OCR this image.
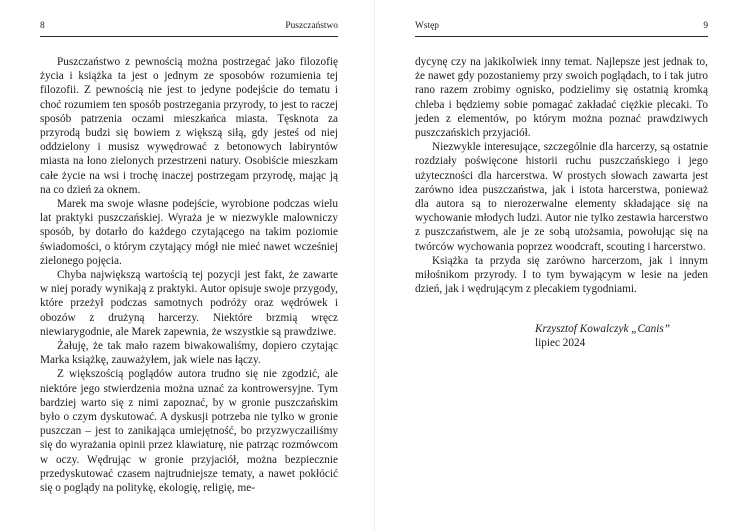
8	Puszczaństwo

Puszczaństwo z pewnością można postrzegać jako filozofię życia i książka ta jest o jednym ze sposobów rozumienia tej filozofii. Z pewnością nie jest to jedyne podejście do tematu i choć rozumiem ten sposób postrzegania przyrody, to jest to raczej sposób patrzenia oczami mieszkańca miasta. Tęsknota za przyrodą budzi się bowiem z większą siłą, gdy jesteś od niej oddzielony i musisz wywędrować z betonowych labiryntów miasta na łono zielonych przestrzeni natury. Osobiście mieszkam całe życie na wsi i trochę inaczej postrzegam przyrodę, mając ją na co dzień za oknem.

Marek ma swoje własne podejście, wyrobione podczas wielu lat praktyki puszczańskiej. Wyraża je w niezwykle malowniczy sposób, by dotarło do każdego czytającego na takim poziomie świadomości, o którym czytający mógł nie mieć nawet wcześniej zielonego pojęcia.

Chyba największą wartością tej pozycji jest fakt, że zawarte w niej porady wynikają z praktyki. Autor opisuje swoje przygody, które przeżył podczas samotnych podróży oraz wędrówek i obozów z drużyną harcerzy. Niektóre brzmią wręcz niewiarygodnie, ale Marek zapewnia, że wszystkie są prawdziwe.

Żałuję, że tak mało razem biwakowaliśmy, dopiero czytając Marka książkę, zauważyłem, jak wiele nas łączy.

Z większością poglądów autora trudno się nie zgodzić, ale niektóre jego stwierdzenia można uznać za kontrowersyjne. Tym bardziej warto się z nimi zapoznać, by w gronie puszczańskim było o czym dyskutować. A dyskusji potrzeba nie tylko w gronie puszczan – jest to zanikająca umiejętność, bo przyzwyczailiśmy się do wyrażania opinii przez klawiaturę, nie patrząc rozmówcom w oczy. Wędrując w gronie przyjaciół, można bezpiecznie przedyskutować czasem najtrudniejsze tematy, a nawet pokłócić się o poglądy na politykę, ekologię, religię, me-

Wstęp	9

dycynę czy na jakikolwiek inny temat. Najlepsze jest jednak to, że nawet gdy pozostaniemy przy swoich poglądach, to i tak jutro rano razem zrobimy ognisko, podzielimy się ostatnią kromką chleba i będziemy sobie pomagać zakładać ciężkie plecaki. To jeden z elementów, po którym można poznać prawdziwych puszczańskich przyjaciół.

Niezwykle interesujące, szczególnie dla harcerzy, są ostatnie rozdziały poświęcone historii ruchu puszczańskiego i jego użyteczności dla harcerstwa. W prostych słowach zawarta jest zarówno idea puszczaństwa, jak i istota harcerstwa, ponieważ dla autora są to nierozerwalne elementy składające się na wychowanie młodych ludzi. Autor nie tylko zestawia harcerstwo z puszczaństwem, ale je ze sobą utożsamia, powołując się na twórców wychowania poprzez woodcraft, scouting i harcerstwo.

Książka ta przyda się zarówno harcerzom, jak i innym miłośnikom przyrody. I to tym bywającym w lesie na jeden dzień, jak i wędrującym z plecakiem tygodniami.

Krzysztof Kowalczyk „Canis”
lipiec 2024
